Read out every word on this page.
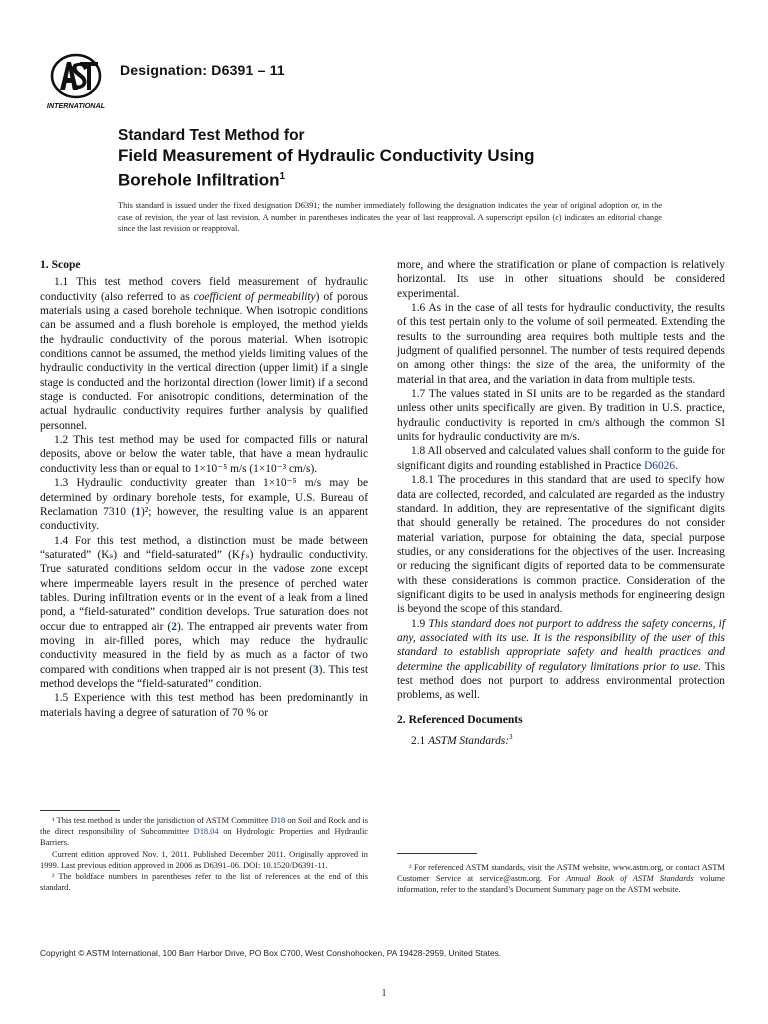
INTERNATIONAL
Designation: D6391 – 11
Standard Test Method for
Field Measurement of Hydraulic Conductivity Using
Borehole Infiltration$^1$
This standard is issued under the fixed designation D6391; the number immediately following the designation indicates the year of original adoption or, in the case of revision, the year of last revision. A number in parentheses indicates the year of last reapproval. A superscript epsilon (ε) indicates an editorial change since the last revision or reapproval.
1. Scope

1.1 This test method covers field measurement of hydraulic conductivity (also referred to as coefficient of permeability) of porous materials using a cased borehole technique. When isotropic conditions can be assumed and a flush borehole is employed, the method yields the hydraulic conductivity of the porous material. When isotropic conditions cannot be assumed, the method yields limiting values of the hydraulic conductivity in the vertical direction (upper limit) if a single stage is conducted and the horizontal direction (lower limit) if a second stage is conducted. For anisotropic conditions, determination of the actual hydraulic conductivity requires further analysis by qualified personnel.

1.2 This test method may be used for compacted fills or natural deposits, above or below the water table, that have a mean hydraulic conductivity less than or equal to 1×10⁻⁵ m/s (1×10⁻³ cm/s).

1.3 Hydraulic conductivity greater than 1×10⁻⁵ m/s may be determined by ordinary borehole tests, for example, U.S. Bureau of Reclamation 7310 (1)²; however, the resulting value is an apparent conductivity.

1.4 For this test method, a distinction must be made between “saturated” (Kₛ) and “field-saturated” (Kƒₛ) hydraulic conductivity. True saturated conditions seldom occur in the vadose zone except where impermeable layers result in the presence of perched water tables. During infiltration events or in the event of a leak from a lined pond, a “field-saturated” condition develops. True saturation does not occur due to entrapped air (2). The entrapped air prevents water from moving in air-filled pores, which may reduce the hydraulic conductivity measured in the field by as much as a factor of two compared with conditions when trapped air is not present (3). This test method develops the “field-saturated” condition.

1.5 Experience with this test method has been predominantly in materials having a degree of saturation of 70 % or

more, and where the stratification or plane of compaction is relatively horizontal. Its use in other situations should be considered experimental.

1.6 As in the case of all tests for hydraulic conductivity, the results of this test pertain only to the volume of soil permeated. Extending the results to the surrounding area requires both multiple tests and the judgment of qualified personnel. The number of tests required depends on among other things: the size of the area, the uniformity of the material in that area, and the variation in data from multiple tests.

1.7 The values stated in SI units are to be regarded as the standard unless other units specifically are given. By tradition in U.S. practice, hydraulic conductivity is reported in cm/s although the common SI units for hydraulic conductivity are m/s.

1.8 All observed and calculated values shall conform to the guide for significant digits and rounding established in Practice D6026.

1.8.1 The procedures in this standard that are used to specify how data are collected, recorded, and calculated are regarded as the industry standard. In addition, they are representative of the significant digits that should generally be retained. The procedures do not consider material variation, purpose for obtaining the data, special purpose studies, or any considerations for the objectives of the user. Increasing or reducing the significant digits of reported data to be commensurate with these considerations is common practice. Consideration of the significant digits to be used in analysis methods for engineering design is beyond the scope of this standard.

1.9 This standard does not purport to address the safety concerns, if any, associated with its use. It is the responsibility of the user of this standard to establish appropriate safety and health practices and determine the applicability of regulatory limitations prior to use. This test method does not purport to address environmental protection problems, as well.

2. Referenced Documents

2.1 ASTM Standards:$^3$

¹ This test method is under the jurisdiction of ASTM Committee D18 on Soil and Rock and is the direct responsibility of Subcommittee D18.04 on Hydrologic Properties and Hydraulic Barriers.

Current edition approved Nov. 1, 2011. Published December 2011. Originally approved in 1999. Last previous edition approved in 2006 as D6391–06. DOI: 10.1520/D6391-11.

² The boldface numbers in parentheses refer to the list of references at the end of this standard.

³ For referenced ASTM standards, visit the ASTM website, www.astm.org, or contact ASTM Customer Service at service@astm.org. For Annual Book of ASTM Standards volume information, refer to the standard’s Document Summary page on the ASTM website.

Copyright © ASTM International, 100 Barr Harbor Drive, PO Box C700, West Conshohocken, PA 19428-2959, United States.
1
